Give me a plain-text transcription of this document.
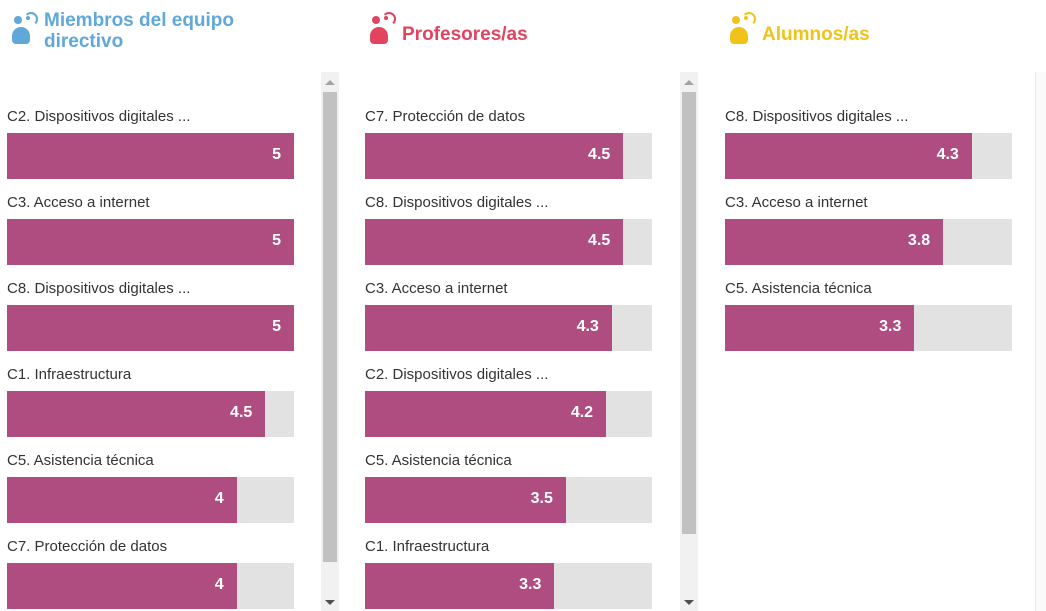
Miembros del equipo
directivo
C2. Dispositivos digitales ...
5
C3. Acceso a internet
5
C8. Dispositivos digitales ...
5
C1. Infraestructura
4.5
C5. Asistencia técnica
4
C7. Protección de datos
4
Profesores/as
C7. Protección de datos
4.5
C8. Dispositivos digitales ...
4.5
C3. Acceso a internet
4.3
C2. Dispositivos digitales ...
4.2
C5. Asistencia técnica
3.5
C1. Infraestructura
3.3
Alumnos/as
C8. Dispositivos digitales ...
4.3
C3. Acceso a internet
3.8
C5. Asistencia técnica
3.3
